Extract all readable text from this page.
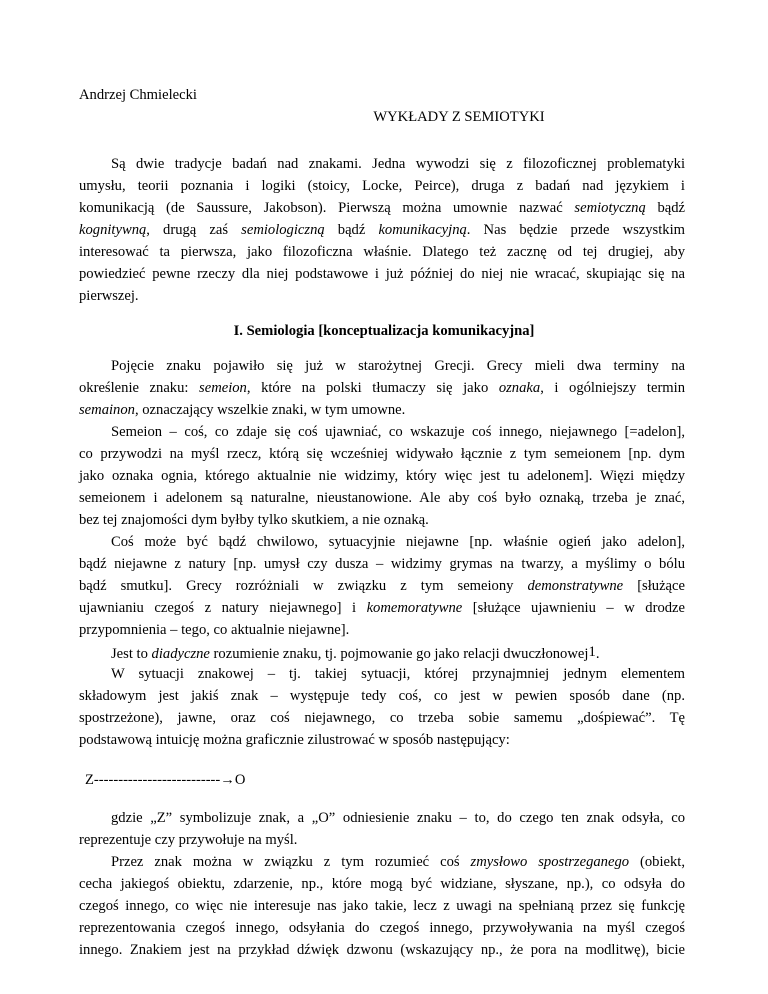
Andrzej Chmielecki
WYKŁADY Z SEMIOTYKI
Są dwie tradycje badań nad znakami. Jedna wywodzi się z filozoficznej problematyki
umysłu, teorii poznania i logiki (stoicy, Locke, Peirce), druga z badań nad językiem i
komunikacją (de Saussure, Jakobson). Pierwszą można umownie nazwać semiotyczną bądź
kognitywną, drugą zaś semiologiczną bądź komunikacyjną. Nas będzie przede wszystkim
interesować ta pierwsza, jako filozoficzna właśnie. Dlatego też zacznę od tej drugiej, aby
powiedzieć pewne rzeczy dla niej podstawowe i już później do niej nie wracać, skupiając się na
pierwszej.
I. Semiologia [konceptualizacja komunikacyjna]
Pojęcie znaku pojawiło się już w starożytnej Grecji. Grecy mieli dwa terminy na
określenie znaku: semeion, które na polski tłumaczy się jako oznaka, i ogólniejszy termin
semainon, oznaczający wszelkie znaki, w tym umowne.
Semeion – coś, co zdaje się coś ujawniać, co wskazuje coś innego, niejawnego [=adelon],
co przywodzi na myśl rzecz, którą się wcześniej widywało łącznie z tym semeionem [np. dym
jako oznaka ognia, którego aktualnie nie widzimy, który więc jest tu adelonem]. Więzi między
semeionem i adelonem są naturalne, nieustanowione. Ale aby coś było oznaką, trzeba je znać,
bez tej znajomości dym byłby tylko skutkiem, a nie oznaką.
Coś może być bądź chwilowo, sytuacyjnie niejawne [np. właśnie ogień jako adelon],
bądź niejawne z natury [np. umysł czy dusza – widzimy grymas na twarzy, a myślimy o bólu
bądź smutku]. Grecy rozróżniali w związku z tym semeiony demonstratywne [służące
ujawnianiu czegoś z natury niejawnego] i komemoratywne [służące ujawnieniu – w drodze
przypomnienia – tego, co aktualnie niejawne].
Jest to diadyczne rozumienie znaku, tj. pojmowanie go jako relacji dwuczłonowej1.
W sytuacji znakowej – tj. takiej sytuacji, której przynajmniej jednym elementem
składowym jest jakiś znak – występuje tedy coś, co jest w pewien sposób dane (np.
spostrzeżone), jawne, oraz coś niejawnego, co trzeba sobie samemu „dośpiewać”. Tę
podstawową intuicję można graficznie zilustrować w sposób następujący:
Z--------------------------→O
gdzie „Z” symbolizuje znak, a „O” odniesienie znaku – to, do czego ten znak odsyła, co
reprezentuje czy przywołuje na myśl.
Przez znak można w związku z tym rozumieć coś zmysłowo spostrzeganego (obiekt,
cecha jakiegoś obiektu, zdarzenie, np., które mogą być widziane, słyszane, np.), co odsyła do
czegoś innego, co więc nie interesuje nas jako takie, lecz z uwagi na spełnianą przez się funkcję
reprezentowania czegoś innego, odsyłania do czegoś innego, przywoływania na myśl czegoś
innego. Znakiem jest na przykład dźwięk dzwonu (wskazujący np., że pora na modlitwę), bicie
